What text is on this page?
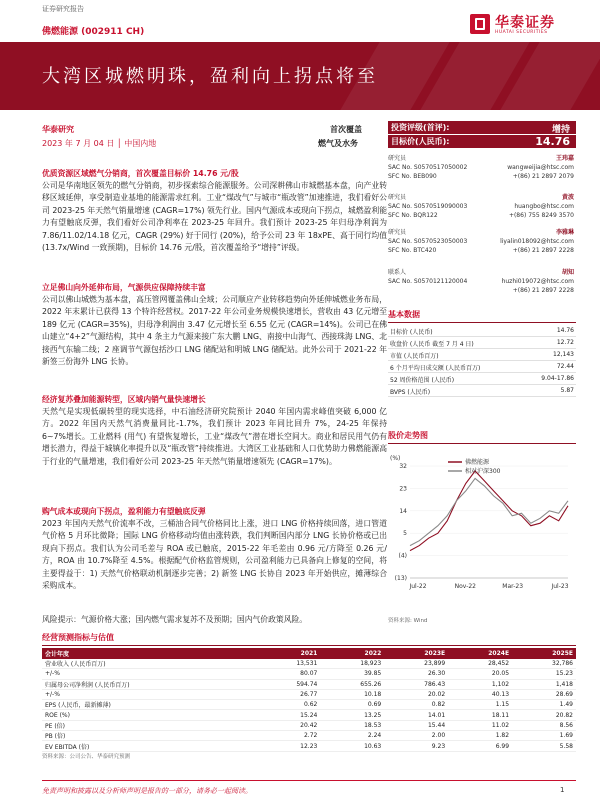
证券研究报告
佛燃能源 (002911 CH)
华泰证券
HUATAI SECURITIES
大湾区城燃明珠，盈利向上拐点将至
华泰研究	首次覆盖
2023 年 7 月 04 日 │ 中国内地	燃气及水务
投资评级(首评):	增持
目标价(人民币):	14.76
研究员	王玮嘉
SAC No. S0570517050002	wangweijia@htsc.com
SFC No. BEB090	+(86) 21 2897 2079
研究员	黄波
SAC No. S0570519090003	huangbo@htsc.com
SFC No. BQR122	+(86) 755 8249 3570
研究员	李雅琳
SAC No. S0570523050003	liyalin018092@htsc.com
SFC No. BTC420	+(86) 21 2897 2228
联系人	胡知
SAC No. S0570121120004	huzhi019072@htsc.com
+(86) 21 2897 2228
基本数据
目标价 (人民币)	14.76
收盘价 (人民币 截至 7 月 4 日)	12.72
市值 (人民币百万)	12,143
6 个月平均日成交额 (人民币百万)	72.44
52 周价格范围 (人民币)	9.04-17.86
BVPS (人民币)	5.87
股价走势图
32
23
14
5
(4)
(13)
(%)
Jul-22	Nov-22	Mar-23	Jul-23
佛燃能源
相对沪深300
资料来源: Wind
优质资源区域燃气分销商，首次覆盖目标价 14.76 元/股
公司是华南地区领先的燃气分销商，初步探索综合能源服务。公司深耕佛山市城燃基本盘，向产业转移区域延伸，享受制造业基地的能源需求红利。工业“煤改气”与城市“瓶改管”加速推进，我们看好公司 2023-25 年天然气销量增速 (CAGR=17%) 领先行业。国内气源成本或现向下拐点，城燃盈利能力有望触底反弹，我们看好公司净利率在 2023-25 年回升。我们预计 2023-25 年归母净利润为 7.86/11.02/14.18 亿元，CAGR (29%) 好于同行 (20%)，给予公司 23 年 18xPE、高于同行均值 (13.7x/Wind 一致预期)，目标价 14.76 元/股，首次覆盖给予“增持”评级。
立足佛山向外延伸布局，气源供应保障持续丰富
公司以佛山城燃为基本盘，高压管网覆盖佛山全域；公司顺应产业转移趋势向外延伸城燃业务布局，2022 年末累计已获得 13 个特许经营权。2017-22 年公司业务规模快速增长，营收由 43 亿元增至 189 亿元 (CAGR=35%)，归母净利润由 3.47 亿元增长至 6.55 亿元 (CAGR=14%)。公司已在佛山建立“4+2”气源结构，其中 4 条主力气源来接广东大鹏 LNG、南接中山海气、西接珠海 LNG、北接西气东输二线；2 座调节气源包括沙口 LNG 储配站和明城 LNG 储配站。此外公司于 2021-22 年新签三份海外 LNG 长协。
经济复苏叠加能源转型，区域内销气量快速增长
天然气是实现低碳转型的现实选择，中石油经济研究院预计 2040 年国内需求峰值突破 6,000 亿方。2022 年国内天然气消费量同比-1.7%，我们预计 2023 年同比回升 7%，24-25 年保持 6~7%增长。工业燃料 (用气) 有望恢复增长，工业“煤改气”潜在增长空间大。商业和居民用气仍有增长潜力，得益于城镇化率提升以及“瓶改管”持续推进。大湾区工业基础和人口优势助力佛燃能源高于行业的气量增速，我们看好公司 2023-25 年天然气销量增速领先 (CAGR=17%)。
购气成本或现向下拐点，盈利能力有望触底反弹
2023 年国内天然气价流率不改，三桶油合同气价格同比上涨，进口 LNG 价格持续回落，进口管道气价格 5 月环比微降；国际 LNG 价格移动均值由涨转跌，我们判断国内部分 LNG 长协价格或已出现向下拐点。我们认为公司毛差与 ROA 或已触底，2015-22 年毛差由 0.96 元/方降至 0.26 元/方，ROA 由 10.7%降至 4.5%。根据配气价格监管规则，公司盈利能力已具备向上修复的空间，将主要得益于：1) 天然气价格联动机制逐步完善；2) 新签 LNG 长协自 2023 年开始供应，摊薄综合采购成本。
风险提示：气源价格大涨；国内燃气需求复苏不及预期；国内气价政策风险。
经营预测指标与估值
会计年度	2021	2022	2023E	2024E	2025E
营业收入 (人民币百万)	13,531	18,923	23,899	28,452	32,786
+/-%	80.07	39.85	26.30	20.05	15.23
归属母公司净利润 (人民币百万)	594.74	655.26	786.43	1,102	1,418
+/-%	26.77	10.18	20.02	40.13	28.69
EPS (人民币，最新摊薄)	0.62	0.69	0.82	1.15	1.49
ROE (%)	15.24	13.25	14.01	18.11	20.82
PE (倍)	20.42	18.53	15.44	11.02	8.56
PB (倍)	2.72	2.24	2.00	1.82	1.69
EV EBITDA (倍)	12.23	10.63	9.23	6.99	5.58
资料来源：公司公告、华泰研究预测
免责声明和披露以及分析师声明是报告的一部分，请务必一起阅读。	1
